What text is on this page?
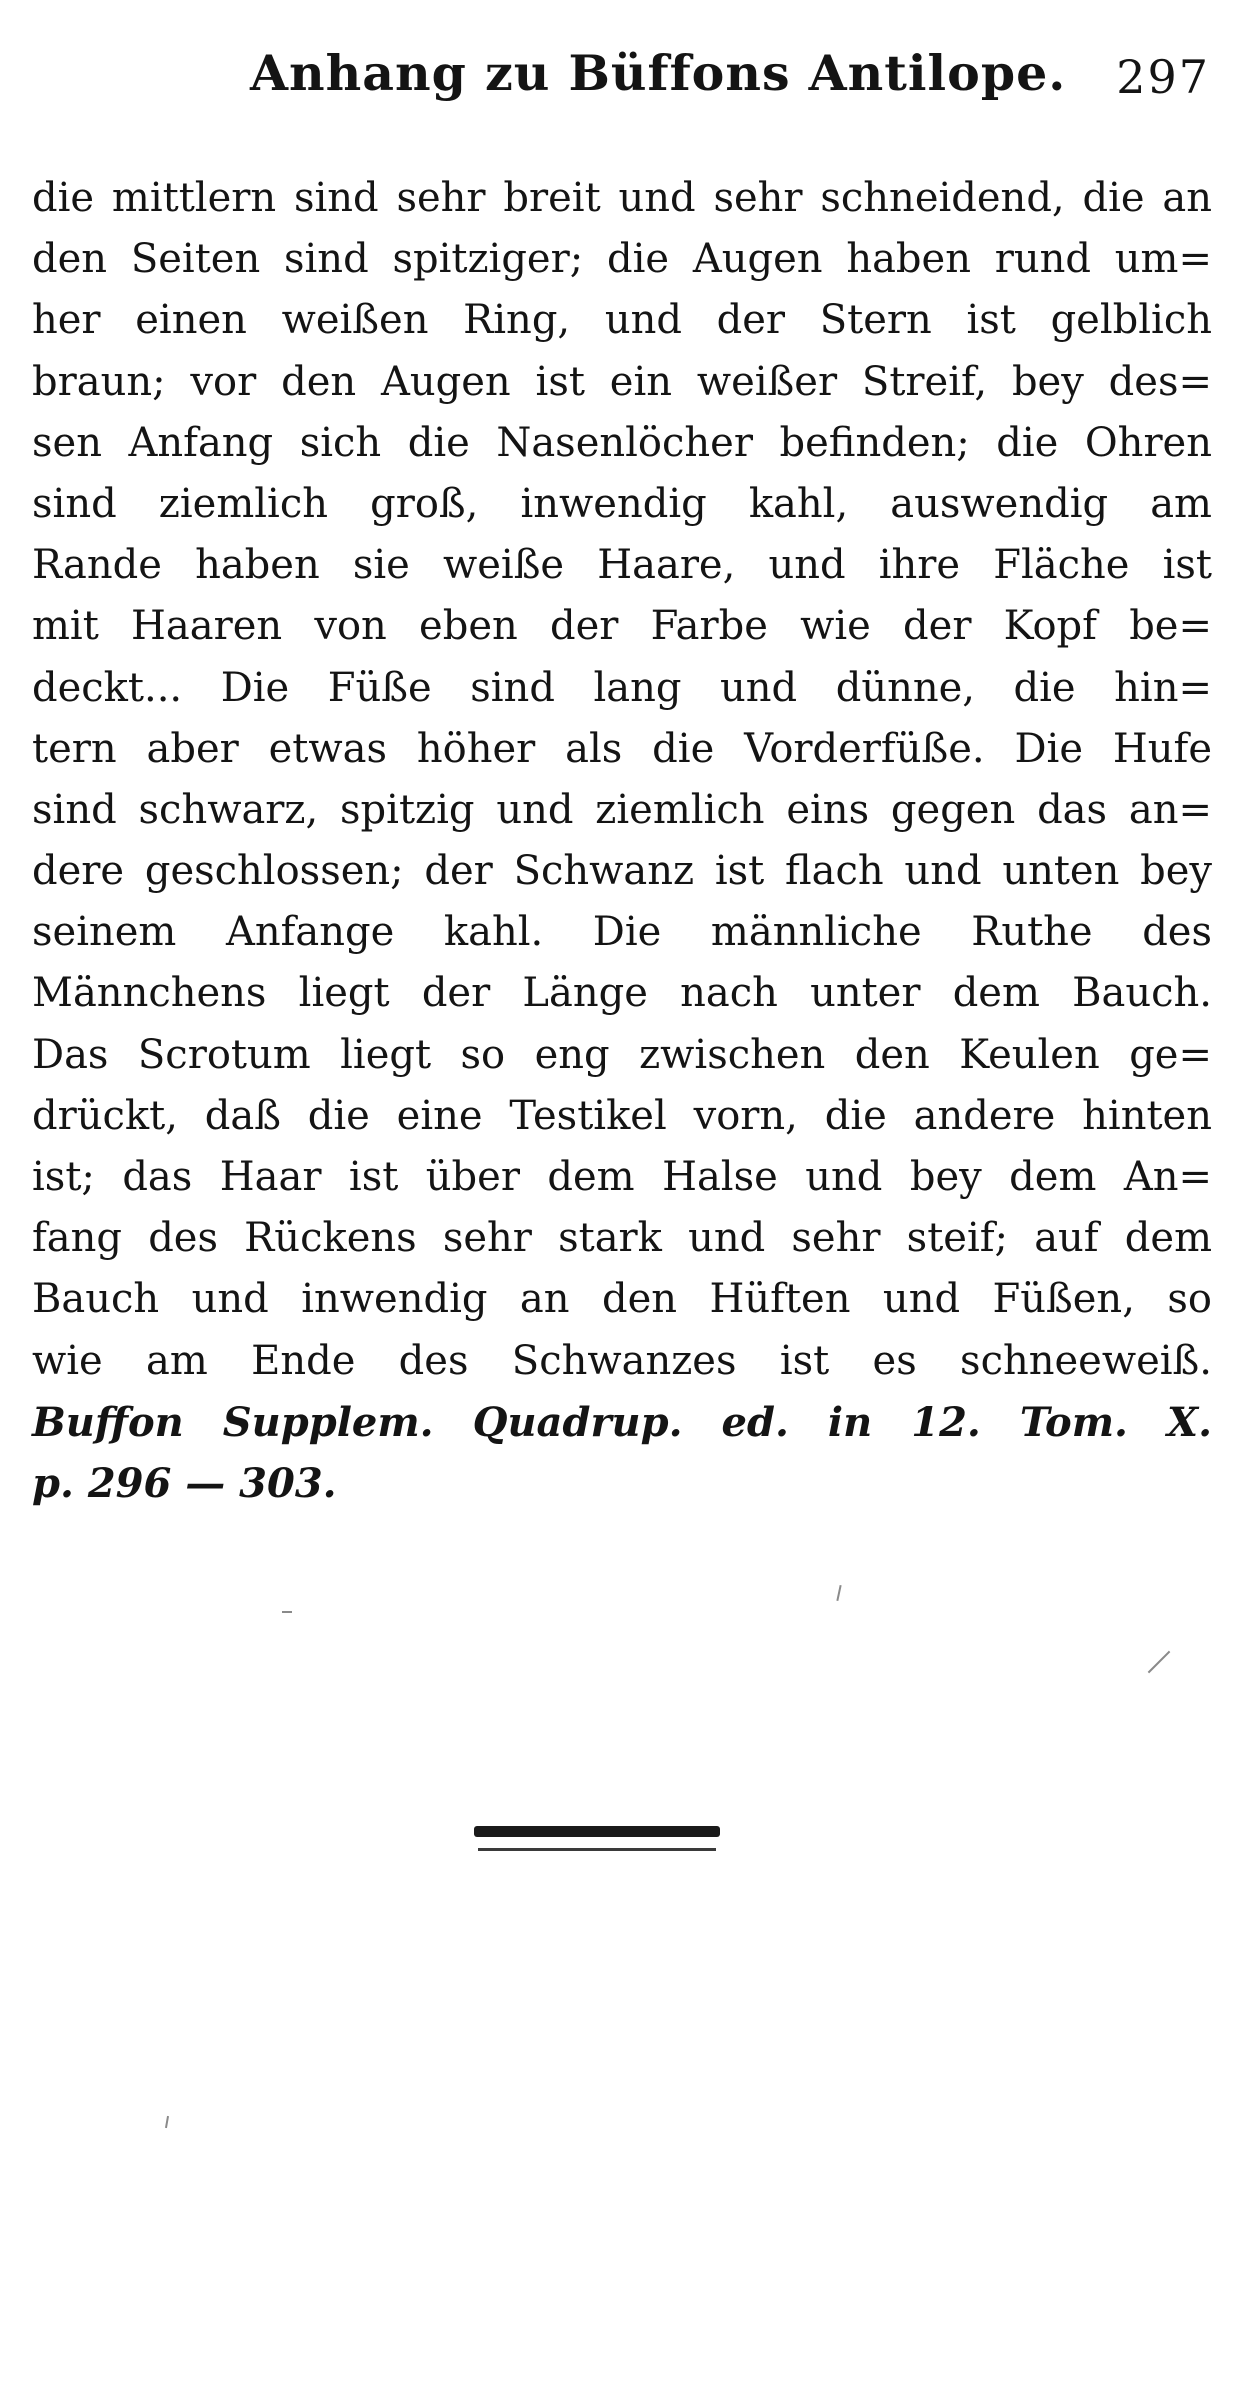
Anhang zu Büffons Antilope. 297
die mittlern sind sehr breit und sehr schneidend, die an
den Seiten sind spitziger; die Augen haben rund um=
her einen weißen Ring, und der Stern ist gelblich
braun; vor den Augen ist ein weißer Streif, bey des=
sen Anfang sich die Nasenlöcher befinden; die Ohren
sind ziemlich groß, inwendig kahl, auswendig am
Rande haben sie weiße Haare, und ihre Fläche ist
mit Haaren von eben der Farbe wie der Kopf be=
deckt... Die Füße sind lang und dünne, die hin=
tern aber etwas höher als die Vorderfüße. Die Hufe
sind schwarz, spitzig und ziemlich eins gegen das an=
dere geschlossen; der Schwanz ist flach und unten bey
seinem Anfange kahl. Die männliche Ruthe des
Männchens liegt der Länge nach unter dem Bauch.
Das Scrotum liegt so eng zwischen den Keulen ge=
drückt, daß die eine Testikel vorn, die andere hinten
ist; das Haar ist über dem Halse und bey dem An=
fang des Rückens sehr stark und sehr steif; auf dem
Bauch und inwendig an den Hüften und Füßen, so
wie am Ende des Schwanzes ist es schneeweiß.
Buffon Supplem. Quadrup. ed. in 12. Tom. X.
p. 296 — 303.
